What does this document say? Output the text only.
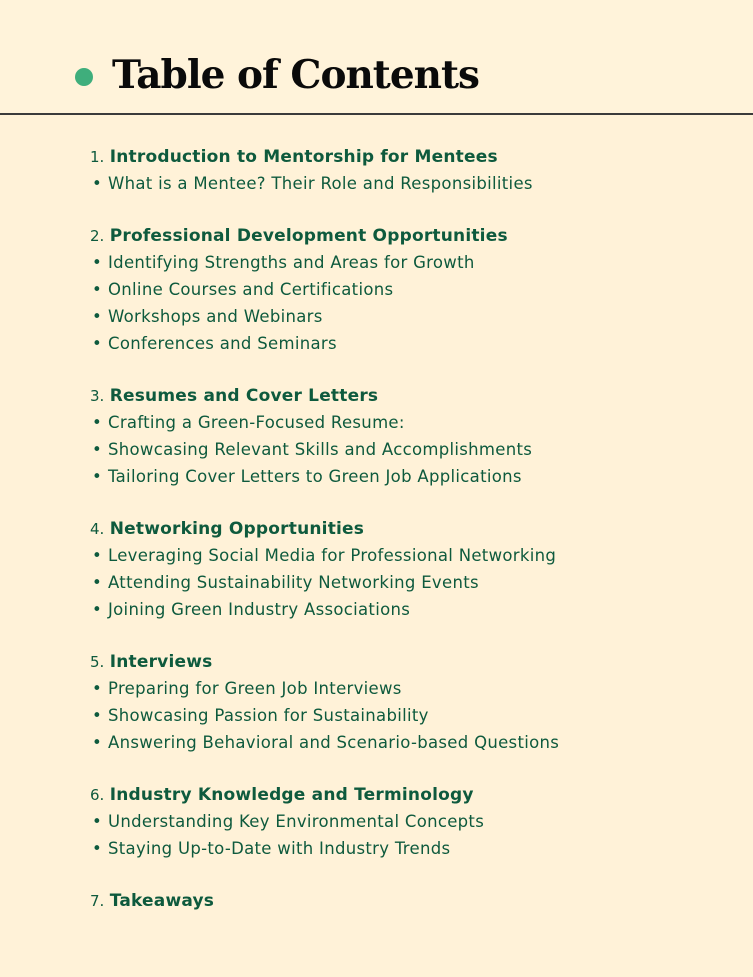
Table of Contents
1. Introduction to Mentorship for Mentees
• What is a Mentee? Their Role and Responsibilities
2. Professional Development Opportunities
• Identifying Strengths and Areas for Growth
• Online Courses and Certifications
• Workshops and Webinars
• Conferences and Seminars
3. Resumes and Cover Letters
• Crafting a Green-Focused Resume:
• Showcasing Relevant Skills and Accomplishments
• Tailoring Cover Letters to Green Job Applications
4. Networking Opportunities
• Leveraging Social Media for Professional Networking
• Attending Sustainability Networking Events
• Joining Green Industry Associations
5. Interviews
• Preparing for Green Job Interviews
• Showcasing Passion for Sustainability
• Answering Behavioral and Scenario-based Questions
6. Industry Knowledge and Terminology
• Understanding Key Environmental Concepts
• Staying Up-to-Date with Industry Trends
7. Takeaways
